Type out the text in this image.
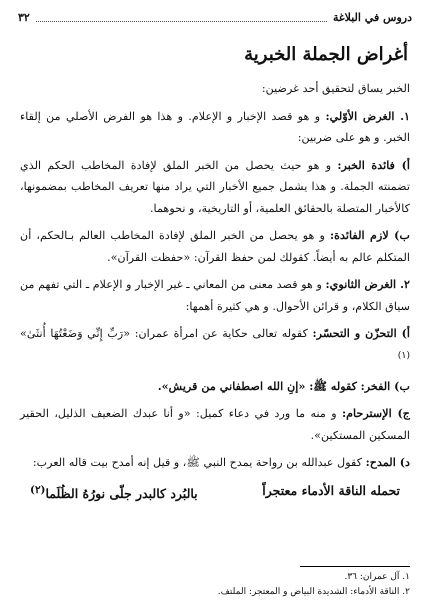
دروس في البلاغة
٣٢
أغراض الجملة الخبرية

الخبر يساق لتحقيق أحد غرضين:

١. الغرض الأوّلي: و هو قصد الإخبار و الإعلام. و هذا هو الفرض الأصلي من إلقاء الخبر. و هو على ضربين:

أ) فائدة الخبر: و هو حيث يحصل من الخبر الملق لإفادة المخاطب الحكم الذي تضمنته الجملة. و هذا يشمل جميع الأخبار التي يراد منها تعريف المخاطب بمضمونها، كالأخبار المتصلة بالحقائق العلمية، أو التاريخية، و نحوهما.

ب) لازم الفائدة: و هو يحصل من الخبر الملق لإفادة المخاطب العالم بـالحكم، أن المتكلم عالم به أيضاً. كقولك لمن حفظ القرآن: «حفظت القرآن».

٢. الغرض الثانوي: و هو قصد معنى من المعاني ـ غير الإخبار و الإعلام ـ التي تفهم من سياق الكلام، و قرائن الأحوال. و هي كثيرة أهمها:

أ) التحزّن و التحسّر: كقوله تعالى حكاية عن امرأة عمران: «رَبِّ إِنِّي وَضَعْتُهَا أُنثَىٰ» $^{(١)}$

ب) الفخر: كقوله ﷺ: «إنِ الله اصطفاني من قريش».

ج) الإسترحام: و منه ما ورد في دعاء كميل: «و أنا عبدك الضعيف الذليل، الحقير المسكين المستكين».

د) المدح: كقول عبدالله بن رواحة يمدح النبي ﷺ، و قيل إنه أمدح بيت قاله العرب:

تحمله الناقة الأدماء معتجراً
بالبُرد كالبدر جلّى نورُهُ الظُلَما$^{(٢)}$
١. آل عمران: ٣٦.
٢. الناقة الأدماء: الشديدة البياض و المعتجر: الملتف.
